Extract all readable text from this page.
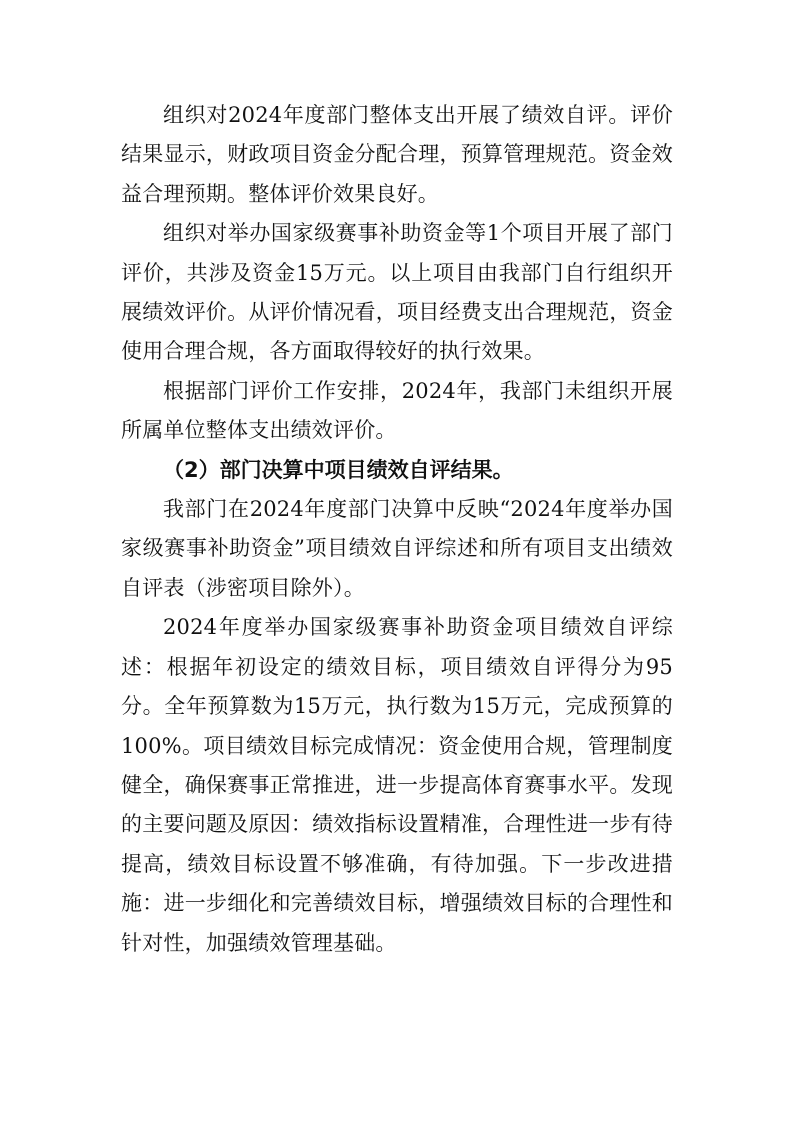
组织对2024年度部门整体支出开展了绩效自评。评价结果显示，财政项目资金分配合理，预算管理规范。资金效益合理预期。整体评价效果良好。

组织对举办国家级赛事补助资金等1个项目开展了部门评价，共涉及资金15万元。以上项目由我部门自行组织开展绩效评价。从评价情况看，项目经费支出合理规范，资金使用合理合规，各方面取得较好的执行效果。

根据部门评价工作安排，2024年，我部门未组织开展所属单位整体支出绩效评价。

（2）部门决算中项目绩效自评结果。

我部门在2024年度部门决算中反映“2024年度举办国家级赛事补助资金”项目绩效自评综述和所有项目支出绩效自评表（涉密项目除外）。

2024年度举办国家级赛事补助资金项目绩效自评综述：根据年初设定的绩效目标，项目绩效自评得分为95分。全年预算数为15万元，执行数为15万元，完成预算的100%。项目绩效目标完成情况：资金使用合规，管理制度健全，确保赛事正常推进，进一步提高体育赛事水平。发现的主要问题及原因：绩效指标设置精准，合理性进一步有待提高，绩效目标设置不够准确，有待加强。下一步改进措施：进一步细化和完善绩效目标，增强绩效目标的合理性和针对性，加强绩效管理基础。
